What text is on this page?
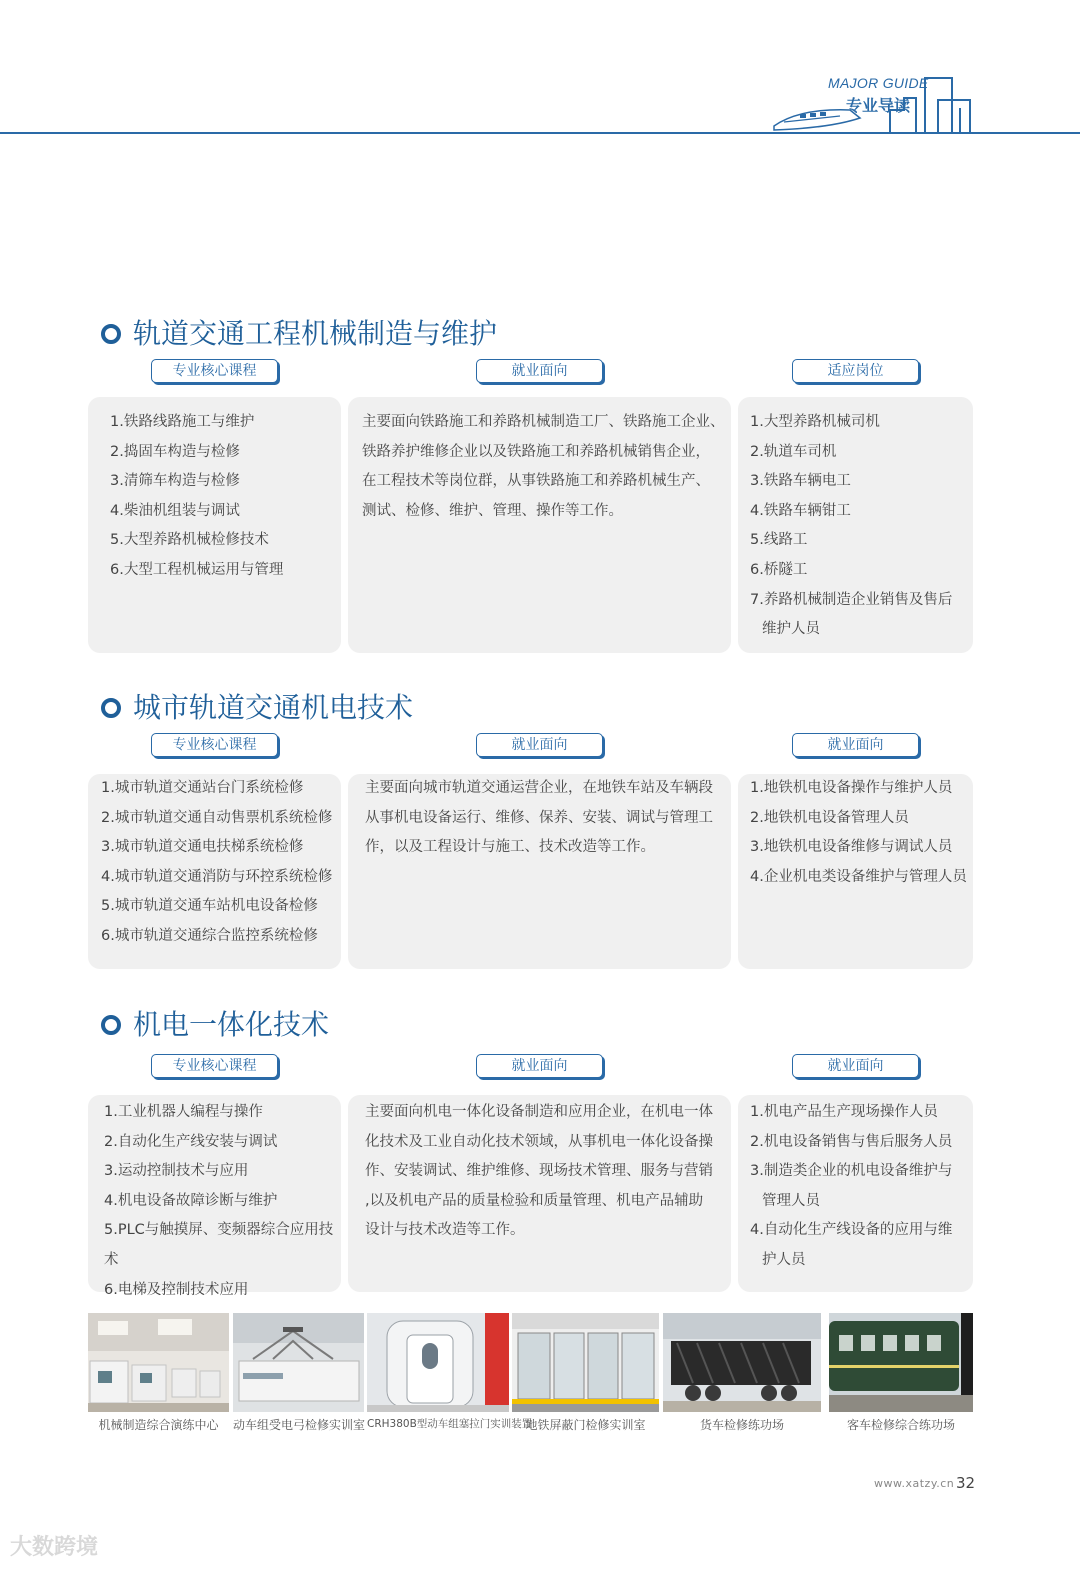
MAJOR GUIDE
专业导读
轨道交通工程机械制造与维护
专业核心课程	就业面向	适应岗位
1.铁路线路施工与维护
2.捣固车构造与检修
3.清筛车构造与检修
4.柴油机组装与调试
5.大型养路机械检修技术
6.大型工程机械运用与管理

主要面向铁路施工和养路机械制造工厂、铁路施工企业、

铁路养护维修企业以及铁路施工和养路机械销售企业，

在工程技术等岗位群，从事铁路施工和养路机械生产、

测试、检修、维护、管理、操作等工作。

1.大型养路机械司机
2.轨道车司机
3.铁路车辆电工
4.铁路车辆钳工
5.线路工
6.桥隧工
7.养路机械制造企业销售及售后
维护人员
城市轨道交通机电技术
专业核心课程	就业面向	就业面向
1.城市轨道交通站台门系统检修
2.城市轨道交通自动售票机系统检修
3.城市轨道交通电扶梯系统检修
4.城市轨道交通消防与环控系统检修
5.城市轨道交通车站机电设备检修
6.城市轨道交通综合监控系统检修

主要面向城市轨道交通运营企业，在地铁车站及车辆段

从事机电设备运行、维修、保养、安装、调试与管理工

作，以及工程设计与施工、技术改造等工作。

1.地铁机电设备操作与维护人员
2.地铁机电设备管理人员
3.地铁机电设备维修与调试人员
4.企业机电类设备维护与管理人员
机电一体化技术
专业核心课程	就业面向	就业面向
1.工业机器人编程与操作
2.自动化生产线安装与调试
3.运动控制技术与应用
4.机电设备故障诊断与维护
5.PLC与触摸屏、变频器综合应用技术
6.电梯及控制技术应用

主要面向机电一体化设备制造和应用企业，在机电一体

化技术及工业自动化技术领域，从事机电一体化设备操

作、安装调试、维护维修、现场技术管理、服务与营销

,以及机电产品的质量检验和质量管理、机电产品辅助

设计与技术改造等工作。

1.机电产品生产现场操作人员
2.机电设备销售与售后服务人员
3.制造类企业的机电设备维护与
管理人员
4.自动化生产线设备的应用与维
护人员
机械制造综合演练中心	动车组受电弓检修实训室 CRH380B型动车组塞拉门实训装置
地铁屏蔽门检修实训室	货车检修练功场	客车检修综合练功场
www.xatzy.cn 32
大数跨境
